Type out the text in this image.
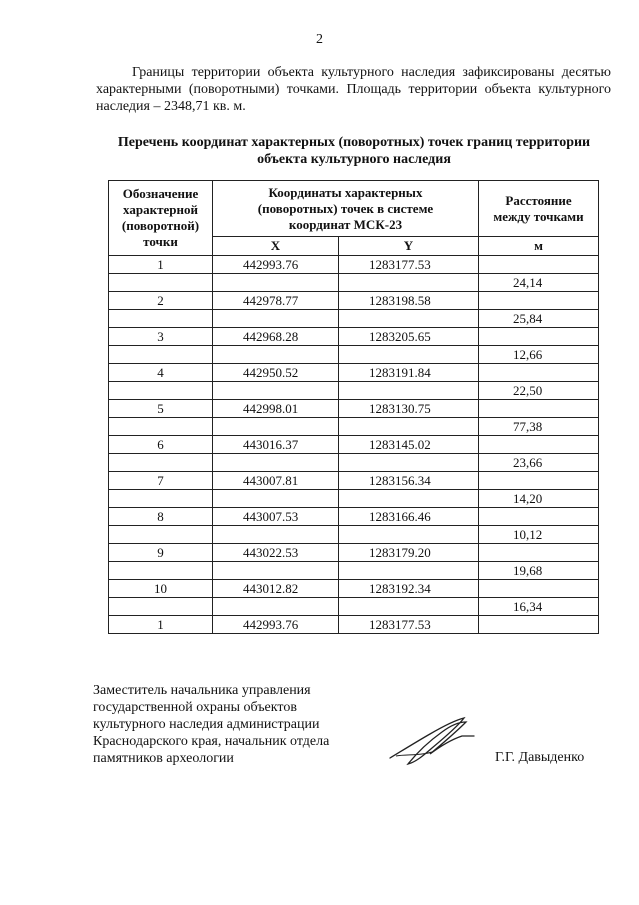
2

Границы территории объекта культурного наследия зафиксированы десятью характерными (поворотными) точками. Площадь территории объекта культурного наследия – 2348,71 кв. м.

Перечень координат характерных (поворотных) точек границ территории
объекта культурного наследия

Обозначение
характерной
(поворотной)
точки	Координаты характерных
(поворотных) точек в системе
координат МСК-23		Расстояние
между точками
	X	Y	м
1	442993.76	1283177.53	
			24,14
2	442978.77	1283198.58	
			25,84
3	442968.28	1283205.65	
			12,66
4	442950.52	1283191.84	
			22,50
5	442998.01	1283130.75	
			77,38
6	443016.37	1283145.02	
			23,66
7	443007.81	1283156.34	
			14,20
8	443007.53	1283166.46	
			10,12
9	443022.53	1283179.20	
			19,68
10	443012.82	1283192.34	
			16,34
1	442993.76	1283177.53	
Заместитель начальника управления
государственной охраны объектов
культурного наследия администрации
Краснодарского края, начальник отдела
памятников археологии	Г.Г. Давыденко
